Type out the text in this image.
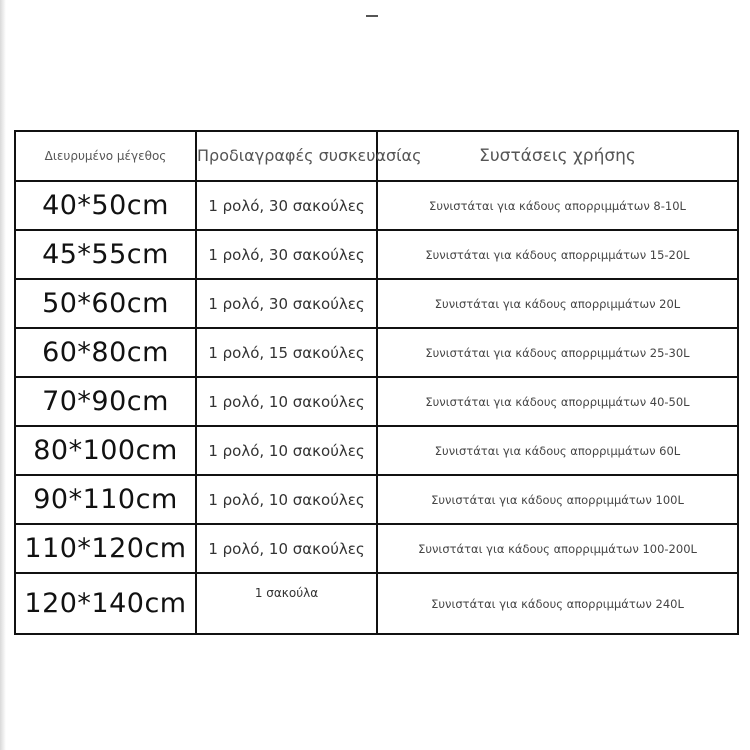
Διευρυμένο μέγεθος	Προδιαγραφές συσκευασίας	Συστάσεις χρήσης
40*50cm	1 ρολό, 30 σακούλες	Συνιστάται για κάδους απορριμμάτων 8-10L
45*55cm	1 ρολό, 30 σακούλες	Συνιστάται για κάδους απορριμμάτων 15-20L
50*60cm	1 ρολό, 30 σακούλες	Συνιστάται για κάδους απορριμμάτων 20L
60*80cm	1 ρολό, 15 σακούλες	Συνιστάται για κάδους απορριμμάτων 25-30L
70*90cm	1 ρολό, 10 σακούλες	Συνιστάται για κάδους απορριμμάτων 40-50L
80*100cm	1 ρολό, 10 σακούλες	Συνιστάται για κάδους απορριμμάτων 60L
90*110cm	1 ρολό, 10 σακούλες	Συνιστάται για κάδους απορριμμάτων 100L
110*120cm	1 ρολό, 10 σακούλες	Συνιστάται για κάδους απορριμμάτων 100-200L
120*140cm	1 σακούλα	Συνιστάται για κάδους απορριμμάτων 240L
